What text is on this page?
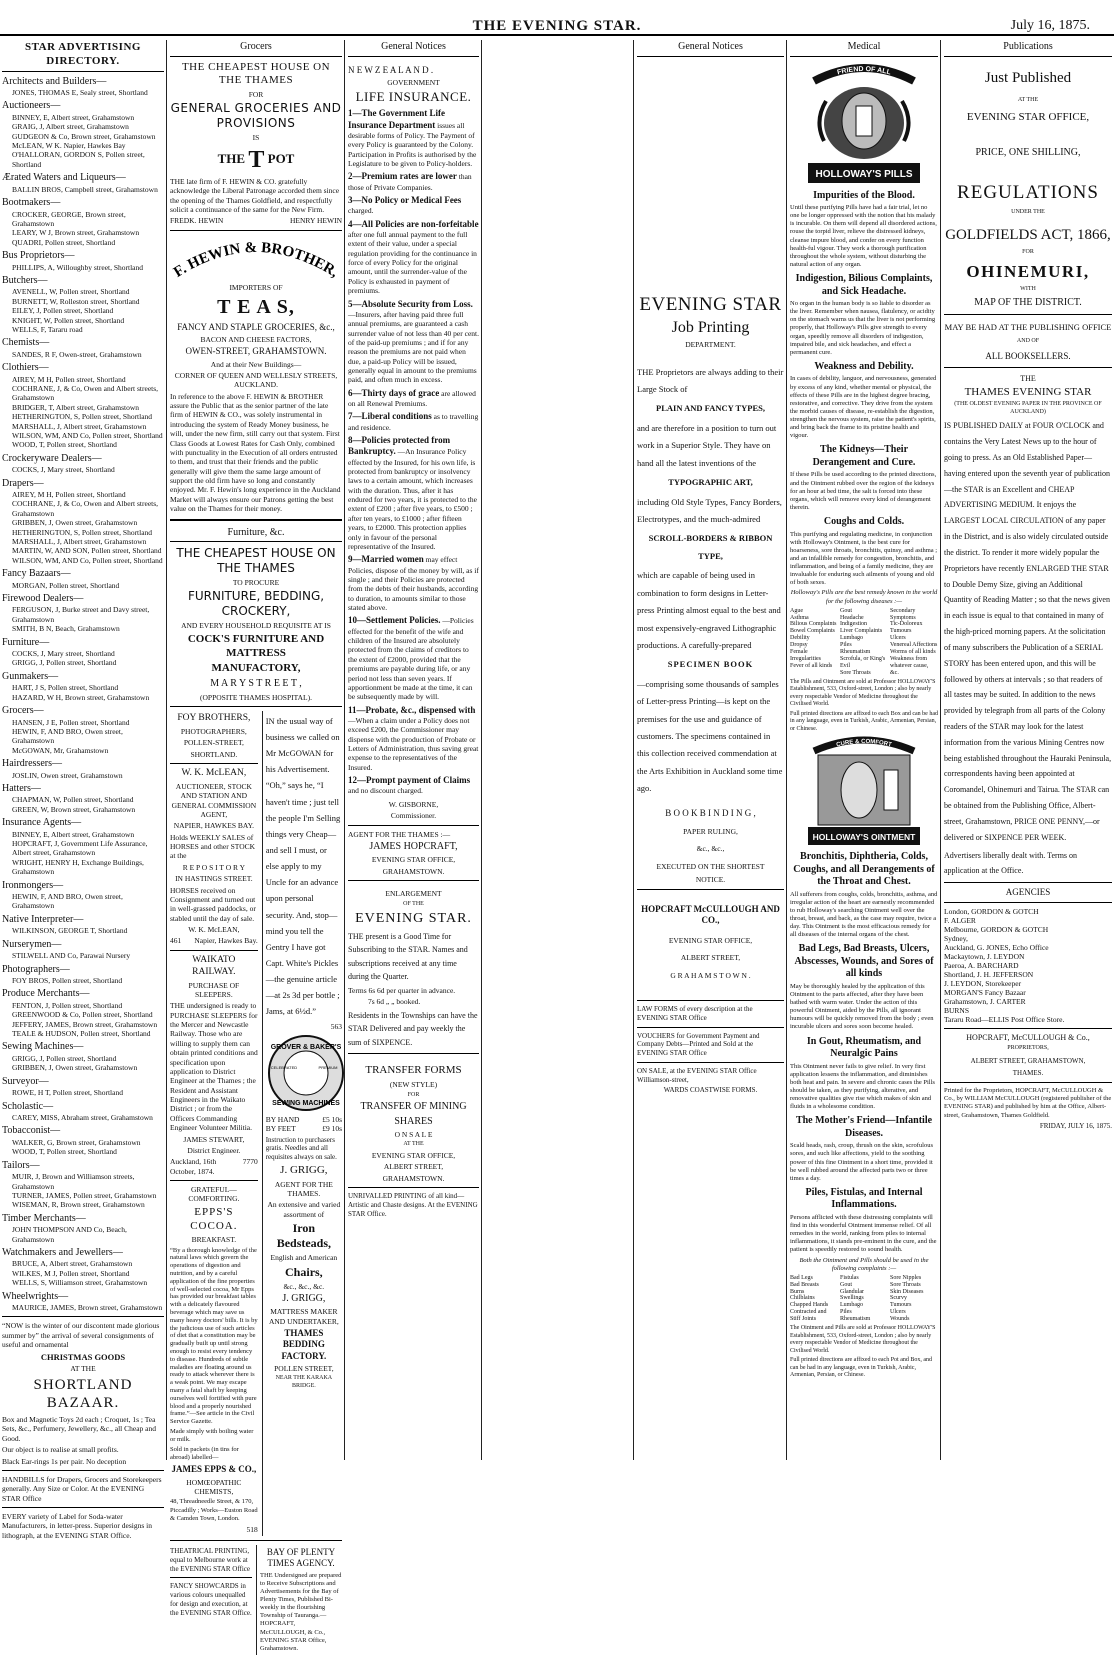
THE EVENING STAR.	July 16, 1875.
STAR ADVERTISING DIRECTORY.
Architects and Builders—
JONES, THOMAS E, Sealy street, Shortland
Auctioneers—
BINNEY, E, Albert street, Grahamstown
GRAIG, J, Albert street, Grahamstown
GUDGEON & Co, Brown street, Grahamstown
McLEAN, W K. Napier, Hawkes Bay
O'HALLORAN, GORDON S, Pollen street, Shortland
Ærated Waters and Liqueurs—
BALLIN BROS, Campbell street, Grahamstown
Bootmakers—
CROCKER, GEORGE, Brown street, Grahamstown
LEARY, W J, Brown street, Grahamstown
QUADRI, Pollen street, Shortland
Bus Proprietors—
PHILLIPS, A, Willoughby street, Shortland
Butchers—
AVENELL, W, Pollen street, Shortland
BURNETT, W, Rolleston street, Shortland
EILEY, J, Pollen street, Shortland
KNIGHT, W, Pollen street, Shortland
WELLS, F, Tararu road
Chemists—
SANDES, R F, Owen-street, Grahamstown
Clothiers—
AIREY, M H, Pollen street, Shortland
COCHRANE, J, & Co, Owen and Albert streets, Grahamstown
BRIDGER, T, Albert street, Grahamstown
HETHERINGTON, S, Pollen street, Shortland
MARSHALL, J, Albert street, Grahamstown
WILSON, WM, AND Co, Pollen street, Shortland
WOOD, T, Pollen street, Shortland
Crockeryware Dealers—
COCKS, J, Mary street, Shortland
Drapers—
AIREY, M H, Pollen street, Shortland
COCHRANE, J, & Co, Owen and Albert streets, Grahamstown
GRIBBEN, J, Owen street, Grahamstown
HETHERINGTON, S, Pollen street, Shortland
MARSHALL, J, Albert street, Grahamstown
MARTIN, W, AND SON, Pollen street, Shortland
WILSON, WM, AND Co, Pollen street, Shortland
Fancy Bazaars—
MORGAN, Pollen street, Shortland
Firewood Dealers—
FERGUSON, J, Burke street and Davy street, Grahamstown
SMITH, B N, Beach, Grahamstown
Furniture—
COCKS, J, Mary street, Shortland
GRIGG, J, Pollen street, Shortland
Gunmakers—
HART, J S, Pollen street, Shortland
HAZARD, W H, Brown street, Grahamstown
Grocers—
HANSEN, J E, Pollen street, Shortland
HEWIN, F, AND BRO, Owen street, Grahamstown
McGOWAN, Mr, Grahamstown
Hairdressers—
JOSLIN, Owen street, Grahamstown
Hatters—
CHAPMAN, W, Pollen street, Shortland
GREEN, W, Brown street, Grahamstown
Insurance Agents—
BINNEY, E, Albert street, Grahamstown
HOPCRAFT, J, Government Life Assurance, Albert street, Grahamstown
WRIGHT, HENRY H, Exchange Buildings, Grahamstown
Ironmongers—
HEWIN, F, AND BRO, Owen street, Grahamstown
Native Interpreter—
WILKINSON, GEORGE T, Shortland
Nurserymen—
STILWELL AND Co, Parawai Nursery
Photographers—
FOY BROS, Pollen street, Shortland
Produce Merchants—
FENTON, J, Pollen street, Shortland
GREENWOOD & Co, Pollen street, Shortland
JEFFERY, JAMES, Brown street, Grahamstown
TEALE & HUDSON, Pollen street, Shortland
Sewing Machines—
GRIGG, J, Pollen street, Shortland
GRIBBEN, J, Owen street, Grahamstown
Surveyor—
ROWE, H T, Pollen street, Shortland
Scholastic—
CAREY, MISS, Abraham street, Grahamstown
Tobacconist—
WALKER, G, Brown street, Grahamstown
WOOD, T, Pollen street, Shortland
Tailors—
MUIR, J, Brown and Williamson streets, Grahamstown
TURNER, JAMES, Pollen street, Grahamstown
WISEMAN, R, Brown street, Grahamstown
Timber Merchants—
JOHN THOMPSON AND Co, Beach, Grahamstown
Watchmakers and Jewellers—
BRUCE, A, Albert street, Grahamstown
WILKES, M J, Pollen street, Shortland
WELLS, S, Williamson street, Grahamstown
Wheelwrights—
MAURICE, JAMES, Brown street, Grahamstown

“NOW is the winter of our discontent made glorious summer by” the arrival of several consignments of useful and ornamental

CHRISTMAS GOODS

AT THE

SHORTLAND BAZAAR.

Box and Magnetic Toys 2d each ; Croquet, 1s ; Tea Sets, &c., Perfumery, Jewellery, &c., all Cheap and Good.

Our object is to realise at small profits.

Black Ear-rings 1s per pair. No deception

HANDBILLS for Drapers, Grocers and Storekeepers generally. Any Size or Color. At the EVENING STAR Office

EVERY variety of Label for Soda-water Manufacturers, in letter-press. Superior designs in lithograph, at the EVENING STAR Office.

Grocers

THE CHEAPEST HOUSE ON THE THAMES

FOR

GENERAL GROCERIES AND PROVISIONS

IS

THE T POT

THE late firm of F. HEWIN & CO. gratefully acknowledge the Liberal Patronage accorded them since the opening of the Thames Goldfield, and respectfully solicit a continuance of the same for the New Firm.

FREDK. HEWIN	HENRY HEWIN
F. HEWIN & BROTHER,

IMPORTERS OF

T E A S,

FANCY AND STAPLE GROCERIES, &c.,

BACON AND CHEESE FACTORS,

OWEN-STREET, GRAHAMSTOWN.

And at their New Buildings—

CORNER OF QUEEN AND WELLESLY STREETS, AUCKLAND.

In reference to the above F. HEWIN & BROTHER assure the Public that as the senior partner of the late firm of HEWIN & CO., was solely instrumental in introducing the system of Ready Money business, he will, under the new firm, still carry out that system. First Class Goods at Lowest Rates for Cash Only, combined with punctuality in the Execution of all orders entrusted to them, and trust that their friends and the public generally will give them the same large amount of support the old firm have so long and constantly enjoyed. Mr. F. Hewin's long experience in the Auckland Market will always ensure our Patrons getting the best value on the Thames for their money.

Furniture, &c.

THE CHEAPEST HOUSE ON THE THAMES

TO PROCURE

FURNITURE, BEDDING, CROCKERY,

AND EVERY HOUSEHOLD REQUISITE AT IS

COCK'S FURNITURE AND MATTRESS

MANUFACTORY,

M A R Y S T R E E T ,

(OPPOSITE THAMES HOSPITAL).

FOY BROTHERS,

PHOTOGRAPHERS,

POLLEN-STREET,

SHORTLAND.

W. K. McLEAN,

AUCTIONEER, STOCK AND STATION AND GENERAL COMMISSION AGENT,

NAPIER, HAWKES BAY.

Holds WEEKLY SALES of HORSES and other STOCK at the

R E P O S I T O R Y

IN HASTINGS STREET.

HORSES received on Consignment and turned out in well-grassed paddocks, or stabled until the day of sale.

W. K. McLEAN,

461 Napier, Hawkes Bay.

WAIKATO RAILWAY.

PURCHASE OF SLEEPERS.

THE undersigned is ready to PURCHASE SLEEPERS for the Mercer and Newcastle Railway. Those who are willing to supply them can obtain printed conditions and specification upon application to District Engineer at the Thames ; the Resident and Assistant Engineers in the Waikato District ; or from the Officers Commanding Engineer Volunteer Militia.

JAMES STEWART,

District Engineer.

Auckland, 16th October, 1874.
7770

GRATEFUL—COMFORTING.

EPPS'S COCOA.

BREAKFAST.

“By a thorough knowledge of the natural laws which govern the operations of digestion and nutrition, and by a careful application of the fine properties of well-selected cocoa, Mr Epps has provided our breakfast tables with a delicately flavoured beverage which may save us many heavy doctors' bills. It is by the judicious use of such articles of diet that a constitution may be gradually built up until strong enough to resist every tendency to disease. Hundreds of subtle maladies are floating around us ready to attack wherever there is a weak point. We may escape many a fatal shaft by keeping ourselves well fortified with pure blood and a properly nourished frame.”—See article in the Civil Service Gazette.

Made simply with boiling water or milk.

Sold in packets (in tins for abroad) labelled—

JAMES EPPS & CO.,

HOMŒOPATHIC CHEMISTS,

48, Threadneedle Street, & 170, Piccadilly ; Works—Euston Road & Camden Town, London.

518

IN the usual way of business we called on Mr McGOWAN for his Advertisement. “Oh,” says he, “I haven't time ; just tell the people I'm Selling things very Cheap—and sell I must, or else apply to my Uncle for an advance upon personal security. And, stop—mind you tell the Gentry I have got Capt. White's Pickles—the genuine article—at 2s 3d per bottle ; Jams, at 6½d.”

563

GROVER & BAKER'S
SEWING MACHINES
CELEBRATED	PREMIUM
BY HAND	£5 10s
BY FEET	£9 10s

Instruction to purchasers gratis. Needles and all requisites always on sale.

J. GRIGG,

AGENT FOR THE THAMES.

An extensive and varied assortment of

Iron Bedsteads,

English and American

Chairs,

&c., &c., &c.

J. GRIGG,

MATTRESS MAKER AND UNDERTAKER,

THAMES BEDDING FACTORY.

POLLEN STREET,

NEAR THE KARAKA BRIDGE.

THEATRICAL PRINTING, equal to Melbourne work at the EVENING STAR Office

FANCY SHOWCARDS in various colours unequalled for design and execution, at the EVENING STAR Office.

BAY OF PLENTY TIMES AGENCY.

THE Undersigned are prepared to Receive Subscriptions and Advertisements for the Bay of Plenty Times, Published Bi-weekly in the flourishing Township of Tauranga.—HOPCRAFT, McCULLOUGH, & Co., EVENING STAR Office, Grahamstown.

General Notices

N E W Z E A L A N D .

GOVERNMENT

LIFE INSURANCE.

1—The Government Life Insurance Department issues all desirable forms of Policy. The Payment of every Policy is guaranteed by the Colony. Participation in Profits is authorised by the Legislature to be given to Policy-holders.

2—Premium rates are lower than those of Private Companies.

3—No Policy or Medical Fees charged.

4—All Policies are non-forfeitable after one full annual payment to the full extent of their value, under a special regulation providing for the continuance in force of every Policy for the original amount, until the surrender-value of the Policy is exhausted in payment of premiums.

5—Absolute Security from Loss. —Insurers, after having paid three full annual premiums, are guaranteed a cash surrender value of not less than 40 per cent. of the paid-up premiums ; and if for any reason the premiums are not paid when due, a paid-up Policy will be issued, generally equal in amount to the premiums paid, and often much in excess.

6—Thirty days of grace are allowed on all Renewal Premiums.

7—Liberal conditions as to travelling and residence.

8—Policies protected from Bankruptcy. —An Insurance Policy effected by the Insured, for his own life, is protected from bankruptcy or insolvency laws to a certain amount, which increases with the duration. Thus, after it has endured for two years, it is protected to the extent of £200 ; after five years, to £500 ; after ten years, to £1000 ; after fifteen years, to £2000. This protection applies only in favour of the personal representative of the Insured.

9—Married women may effect Policies, dispose of the money by will, as if single ; and their Policies are protected from the debts of their husbands, according to duration, to amounts similar to those stated above.

10—Settlement Policies. —Policies effected for the benefit of the wife and children of the Insured are absolutely protected from the claims of creditors to the extent of £2000, provided that the premiums are payable during life, or any period not less than seven years. If apportionment be made at the time, it can be subsequently made by will.

11—Probate, &c., dispensed with —When a claim under a Policy does not exceed £200, the Commissioner may dispense with the production of Probate or Letters of Administration, thus saving great expense to the representatives of the Insured.

12—Prompt payment of Claims and no discount charged.

W. GISBORNE,

Commissioner.

AGENT FOR THE THAMES :—

JAMES HOPCRAFT,

EVENING STAR OFFICE,

GRAHAMSTOWN.

ENLARGEMENT

OF THE

EVENING STAR.

THE present is a Good Time for Subscribing to the STAR. Names and subscriptions received at any time during the Quarter.

Terms 6s 6d per quarter in advance.

7s 6d „ „ booked.

Residents in the Townships can have the STAR Delivered and pay weekly the sum of SIXPENCE.

TRANSFER FORMS

(NEW STYLE)

FOR

TRANSFER OF MINING

SHARES

O N S A L E

AT THE

EVENING STAR OFFICE,

ALBERT STREET,

GRAHAMSTOWN.

UNRIVALLED PRINTING of all kind—Artistic and Chaste designs. At the EVENING STAR Office.

General Notices

EVENING STAR

Job Printing

DEPARTMENT.

THE Proprietors are always adding to their Large Stock of

PLAIN AND FANCY TYPES,

and are therefore in a position to turn out work in a Superior Style. They have on hand all the latest inventions of the

TYPOGRAPHIC ART,

including Old Style Types, Fancy Borders, Electrotypes, and the much-admired

SCROLL-BORDERS & RIBBON TYPE,

which are capable of being used in combination to form designs in Letter-press Printing almost equal to the best and most expensively-engraved Lithographic productions. A carefully-prepared

SPECIMEN BOOK

—comprising some thousands of samples of Letter-press Printing—is kept on the premises for the use and guidance of customers. The specimens contained in this collection received commendation at the Arts Exhibition in Auckland some time ago.

B O O K B I N D I N G ,

PAPER RULING,

&c., &c.,

EXECUTED ON THE SHORTEST

NOTICE.

HOPCRAFT McCULLOUGH AND CO.,

EVENING STAR OFFICE,

ALBERT STREET,

G R A H A M S T O W N .

LAW FORMS of every description at the EVENING STAR Office

VOUCHERS for Government Payment and Company Debts—Printed and Sold at the EVENING STAR Office

ON SALE, at the EVENING STAR Office Williamson-street,

WARDS COASTWISE FORMS.

Medical
FRIEND OF ALL
HOLLOWAY'S PILLS
Impurities of the Blood.

Until these purifying Pills have had a fair trial, let no one be longer oppressed with the notion that his malady is incurable. On them will depend all disordered actions, rouse the torpid liver, relieve the distressed kidneys, cleanse impure blood, and confer on every function health-ful vigour. They work a thorough purification throughout the whole system, without disturbing the natural action of any organ.

Indigestion, Bilious Complaints, and Sick Headache.

No organ in the human body is so liable to disorder as the liver. Remember when nausea, flatulency, or acidity on the stomach warns us that the liver is not performing properly, that Holloway's Pills give strength to every organ, speedily remove all disorders of indigestion, impaired bile, and sick headaches, and effect a permanent cure.

Weakness and Debility.

In cases of debility, languor, and nervousness, generated by excess of any kind, whether mental or physical, the effects of these Pills are in the highest degree bracing, restorative, and corrective. They drive from the system the morbid causes of disease, re-establish the digestion, strengthen the nervous system, raise the patient's spirits, and bring back the frame to its pristine health and vigour.

The Kidneys—Their Derangement and Cure.

If these Pills be used according to the printed directions, and the Ointment rubbed over the region of the kidneys for an hour at bed time, the salt is forced into these organs, which will remove every kind of derangement therein.

Coughs and Colds.

This purifying and regulating medicine, in conjunction with Holloway's Ointment, is the best cure for hoarseness, sore throats, bronchitis, quinsy, and asthma ; and an infallible remedy for congestion, bronchitis, and inflammation, and being of a family medicine, they are invaluable for enduring such ailments of young and old of both sexes.

Holloway's Pills are the best remedy known in the world for the following diseases :—

Ague
Asthma
Bilious Complaints
Bowel Complaints
Debility
Dropsy
Female Irregularities
Fever of all kinds
Gout
Headache
Indigestion
Liver Complaints
Lumbago
Piles
Rheumatism
Scrofula, or King's Evil
Sore Throats
Secondary Symptoms
Tic-Doloreux
Tumours
Ulcers
Venereal Affections
Worms of all kinds
Weakness from whatever cause, &c.

The Pills and Ointment are sold at Professor HOLLOWAY'S Establishment, 533, Oxford-street, London ; also by nearly every respectable Vendor of Medicine throughout the Civilised World.

Full printed directions are affixed to each Box and can be had in any language, even in Turkish, Arabic, Armenian, Persian, or Chinese.

CURE & COMFORT
HOLLOWAY'S OINTMENT
Bronchitis, Diphtheria, Colds, Coughs, and all Derangements of the Throat and Chest.

All sufferers from coughs, colds, bronchitis, asthma, and irregular action of the heart are earnestly recommended to rub Holloway's searching Ointment well over the throat, breast, and back, as the case may require, twice a day. This Ointment is the most efficacious remedy for all diseases of the internal organs of the chest.

Bad Legs, Bad Breasts, Ulcers, Abscesses, Wounds, and Sores of all kinds

May be thoroughly healed by the application of this Ointment to the parts affected, after they have been bathed with warm water. Under the action of this powerful Ointment, aided by the Pills, all ignorant humours will be quickly removed from the body ; even incurable ulcers and sores soon become healed.

In Gout, Rheumatism, and Neuralgic Pains

This Ointment never fails to give relief. In very first application lessens the inflammation, and diminishes both heat and pain. In severe and chronic cases the Pills should be taken, as they purifying, alterative, and renovative qualities give rise which makes of skin and fluids in a wholesome condition.

The Mother's Friend—Infantile Diseases.

Scald heads, rash, croup, thrush on the skin, scrofulous sores, and such like affections, yield to the soothing power of this fine Ointment in a short time, provided it be well rubbed around the affected parts two or three times a day.

Piles, Fistulas, and Internal Inflammations.

Persons afflicted with these distressing complaints will find in this wonderful Ointment immense relief. Of all remedies in the world, ranking from piles to internal inflammations, it stands pre-eminent in the cure, and the patient is speedily restored to sound health.

Both the Ointment and Pills should be used in the following complaints :—

Bad Legs
Bad Breasts
Burns
Chilblains
Chapped Hands
Contracted and Stiff Joints
Fistulas
Gout
Glandular Swellings
Lumbago
Piles
Rheumatism
Sore Nipples
Sore Throats
Skin Diseases
Scurvy
Tumours
Ulcers
Wounds

The Ointment and Pills are sold at Professor HOLLOWAY'S Establishment, 533, Oxford-street, London ; also by nearly every respectable Vendor of Medicine throughout the Civilised World.

Full printed directions are affixed to each Pot and Box, and can be had in any language, even in Turkish, Arabic, Armenian, Persian, or Chinese.

Publications

Just Published

AT THE

EVENING STAR OFFICE,

PRICE, ONE SHILLING,

REGULATIONS

UNDER THE

GOLDFIELDS ACT, 1866,

FOR

OHINEMURI,

WITH

MAP OF THE DISTRICT.

MAY BE HAD AT THE PUBLISHING OFFICE

AND OF

ALL BOOKSELLERS.

THE

THAMES EVENING STAR

(THE OLDEST EVENING PAPER IN THE PROVINCE OF AUCKLAND)

IS PUBLISHED DAILY at FOUR O'CLOCK and contains the Very Latest News up to the hour of going to press. As an Old Established Paper—having entered upon the seventh year of publication—the STAR is an Excellent and CHEAP ADVERTISING MEDIUM. It enjoys the LARGEST LOCAL CIRCULATION of any paper in the District, and is also widely circulated outside the district. To render it more widely popular the Proprietors have recently ENLARGED THE STAR to Double Demy Size, giving an Additional Quantity of Reading Matter ; so that the news given in each issue is equal to that contained in many of the high-priced morning papers. At the solicitation of many subscribers the Publication of a SERIAL STORY has been entered upon, and this will be followed by others at intervals ; so that readers of all tastes may be suited. In addition to the news provided by telegraph from all parts of the Colony readers of the STAR may look for the latest information from the various Mining Centres now being established throughout the Hauraki Peninsula, correspondents having been appointed at Coromandel, Ohinemuri and Tairua. The STAR can be obtained from the Publishing Office, Albert-street, Grahamstown, PRICE ONE PENNY,—or delivered or SIXPENCE PER WEEK.

Advertisers liberally dealt with. Terms on application at the Office.

AGENCIES

London, GORDON & GOTCH
F. ALGER
Melbourne, GORDON & GOTCH
Sydney,
Auckland, G. JONES, Echo Office
Mackaytown, J. LEYDON
Paeroa, A. BARCHARD
Shortland, J. H. JEFFERSON
J. LEYDON, Storekeeper
MORGAN'S Fancy Bazaar
Grahamstown, J. CARTER
BURNS
Tararu Road—ELLIS Post Office Store.

HOPCRAFT, McCULLOUGH & Co.,

PROPRIETORS,

ALBERT STREET, GRAHAMSTOWN,

THAMES.

Printed for the Proprietors, HOPCRAFT, McCULLOUGH & Co., by WILLIAM McCULLOUGH (registered publisher of the EVENING STAR) and published by him at the Office, Albert-street, Grahamstown, Thames Goldfield.

FRIDAY, JULY 16, 1875.
